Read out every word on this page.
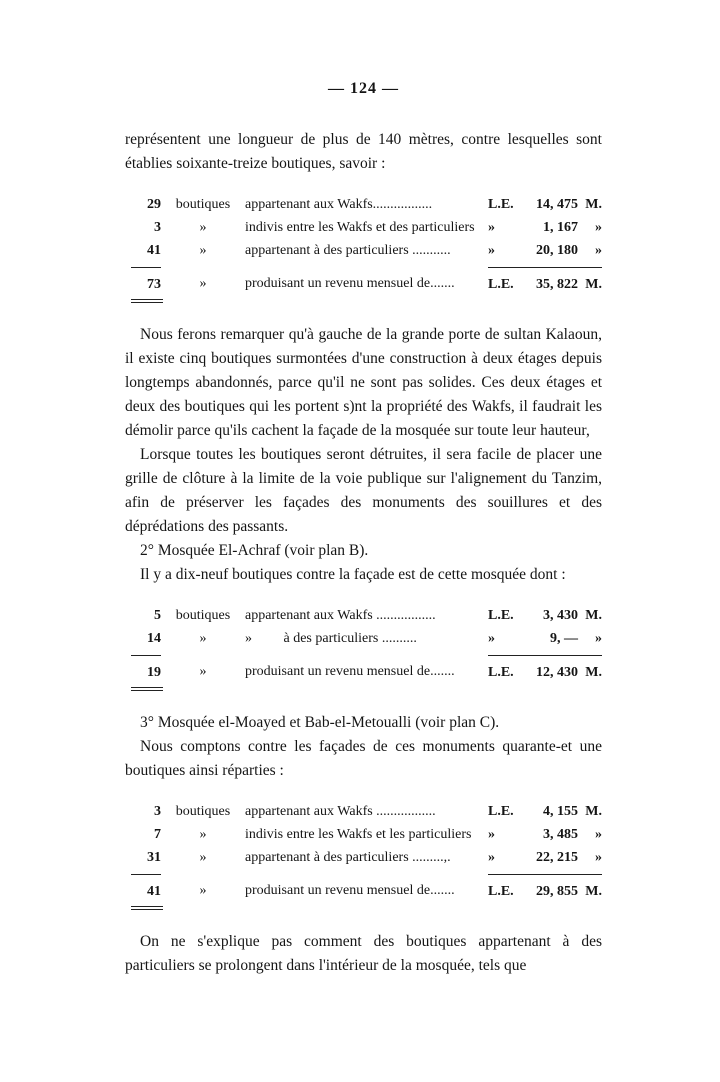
— 124 —

représentent une longueur de plus de 140 mètres, contre lesquelles sont établies soixante-treize boutiques, savoir :

29	boutiques	appartenant aux Wakfs.................	L.E.	14, 475 M.
3	»	indivis entre les Wakfs et des particuliers »	1, 167	»
41	»	appartenant à des particuliers ...........	»	20, 180	»
73	»	produisant un revenu mensuel de.......	L.E.	35, 822 M.

Nous ferons remarquer qu'à gauche de la grande porte de sultan Kalaoun, il existe cinq boutiques surmontées d'une construction à deux étages depuis longtemps abandonnés, parce qu'il ne sont pas solides. Ces deux étages et deux des boutiques qui les portent s)nt la propriété des Wakfs, il faudrait les démolir parce qu'ils cachent la façade de la mosquée sur toute leur hauteur,

Lorsque toutes les boutiques seront détruites, il sera facile de placer une grille de clôture à la limite de la voie publique sur l'alignement du Tanzim, afin de préserver les façades des monuments des souillures et des déprédations des passants.

2° Mosquée El-Achraf (voir plan B).

Il y a dix-neuf boutiques contre la façade est de cette mosquée dont :

5	boutiques	appartenant aux Wakfs .................	L.E.	3, 430 M.
14	»	»         à des particuliers ..........	»	9, —	»
19	»	produisant un revenu mensuel de.......	L.E.	12, 430 M.

3° Mosquée el-Moayed et Bab-el-Metoualli (voir plan C).

Nous comptons contre les façades de ces monuments quarante-et une boutiques ainsi réparties :

3	boutiques	appartenant aux Wakfs .................	L.E.	4, 155 M.
7	»	indivis entre les Wakfs et les particuliers	»	3, 485	»
31	»	appartenant à des particuliers .........,.	»	22, 215	»
41	»	produisant un revenu mensuel de.......	L.E.	29, 855 M.

On ne s'explique pas comment des boutiques appartenant à des particuliers se prolongent dans l'intérieur de la mosquée, tels que
